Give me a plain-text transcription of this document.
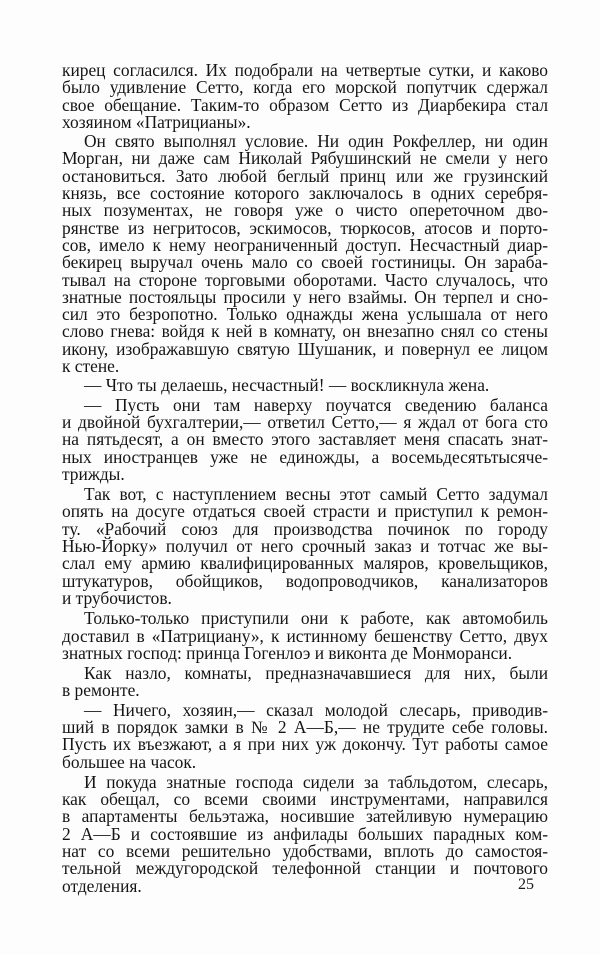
кирец согласился. Их подобрали на четвертые сутки, и каково
было удивление Сетто, когда его морской попутчик сдержал
свое обещание. Таким-то образом Сетто из Диарбекира стал
хозяином «Патрицианы».
Он свято выполнял условие. Ни один Рокфеллер, ни один
Морган, ни даже сам Николай Рябушинский не смели у него
остановиться. Зато любой беглый принц или же грузинский
князь, все состояние которого заключалось в одних серебря-
ных позументах, не говоря уже о чисто опереточном дво-
рянстве из негритосов, эскимосов, тюркосов, атосов и порто-
сов, имело к нему неограниченный доступ. Несчастный диар-
бекирец выручал очень мало со своей гостиницы. Он зараба-
тывал на стороне торговыми оборотами. Часто случалось, что
знатные постояльцы просили у него взаймы. Он терпел и сно-
сил это безропотно. Только однажды жена услышала от него
слово гнева: войдя к ней в комнату, он внезапно снял со стены
икону, изображавшую святую Шушаник, и повернул ее лицом
к стене.
— Что ты делаешь, несчастный! — воскликнула жена.
— Пусть они там наверху поучатся сведению баланса
и двойной бухгалтерии,— ответил Сетто,— я ждал от бога сто
на пятьдесят, а он вместо этого заставляет меня спасать знат-
ных иностранцев уже не единожды, а восемьдесятьтысяче-
трижды.
Так вот, с наступлением весны этот самый Сетто задумал
опять на досуге отдаться своей страсти и приступил к ремон-
ту. «Рабочий союз для производства починок по городу
Нью-Йорку» получил от него срочный заказ и тотчас же вы-
слал ему армию квалифицированных маляров, кровельщиков,
штукатуров, обойщиков, водопроводчиков, канализаторов
и трубочистов.
Только-только приступили они к работе, как автомобиль
доставил в «Патрициану», к истинному бешенству Сетто, двух
знатных господ: принца Гогенлоэ и виконта де Монморанси.
Как назло, комнаты, предназначавшиеся для них, были
в ремонте.
— Ничего, хозяин,— сказал молодой слесарь, приводив-
ший в порядок замки в № 2 А—Б,— не трудите себе головы.
Пусть их въезжают, а я при них уж докончу. Тут работы самое
большее на часок.
И покуда знатные господа сидели за табльдотом, слесарь,
как обещал, со всеми своими инструментами, направился
в апартаменты бельэтажа, носившие затейливую нумерацию
2 А—Б и состоявшие из анфилады больших парадных ком-
нат со всеми решительно удобствами, вплоть до самостоя-
тельной междугородской телефонной станции и почтового
отделения.	25
